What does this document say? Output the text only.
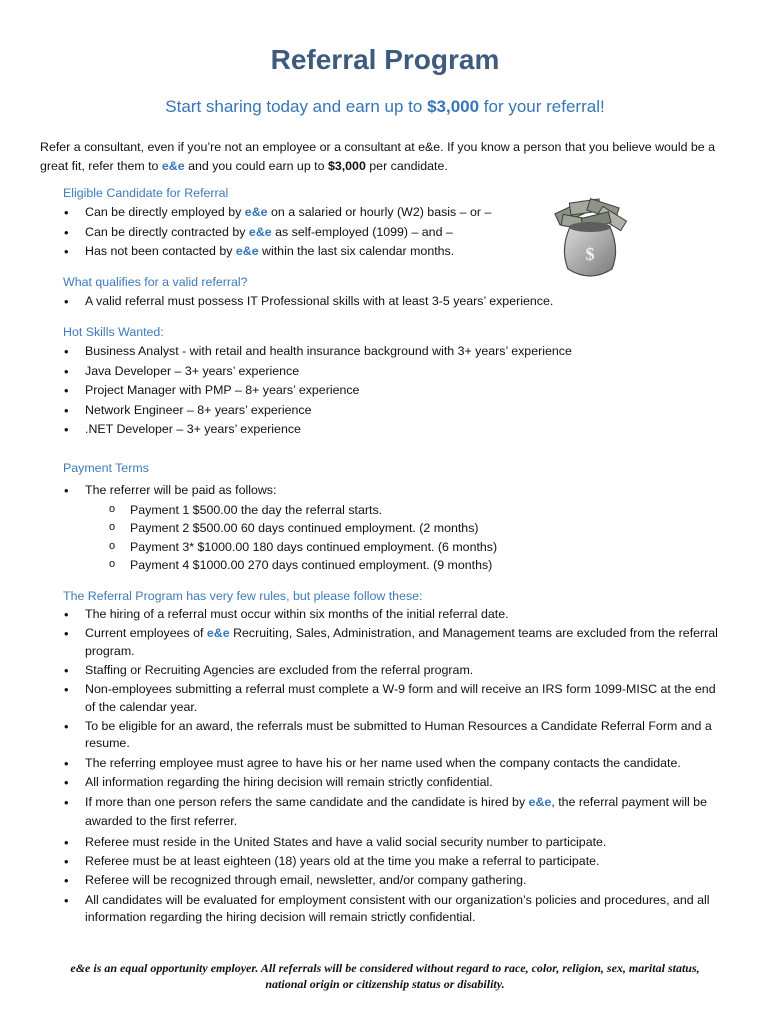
Referral Program
Start sharing today and earn up to $3,000 for your referral!
Refer a consultant, even if you’re not an employee or a consultant at e&e. If you know a person that you believe would be a great fit, refer them to e&e and you could earn up to $3,000 per candidate.
$
Eligible Candidate for Referral
• Can be directly employed by e&e on a salaried or hourly (W2) basis – or –
• Can be directly contracted by e&e as self-employed (1099) – and –
• Has not been contacted by e&e within the last six calendar months.
What qualifies for a valid referral?
• A valid referral must possess IT Professional skills with at least 3-5 years’ experience.
Hot Skills Wanted:
• Business Analyst - with retail and health insurance background with 3+ years’ experience
• Java Developer – 3+ years’ experience
• Project Manager with PMP – 8+ years’ experience
• Network Engineer – 8+ years’ experience
• .NET Developer – 3+ years’ experience
Payment Terms
• The referrer will be paid as follows:
o Payment 1 $500.00 the day the referral starts.
o Payment 2 $500.00 60 days continued employment. (2 months)
o Payment 3* $1000.00 180 days continued employment. (6 months)
o Payment 4 $1000.00 270 days continued employment. (9 months)
The Referral Program has very few rules, but please follow these:
• The hiring of a referral must occur within six months of the initial referral date.
• Current employees of e&e Recruiting, Sales, Administration, and Management teams are excluded from the referral program.
• Staffing or Recruiting Agencies are excluded from the referral program.
• Non-employees submitting a referral must complete a W-9 form and will receive an IRS form 1099-MISC at the end of the calendar year.
• To be eligible for an award, the referrals must be submitted to Human Resources a Candidate Referral Form and a resume.
• The referring employee must agree to have his or her name used when the company contacts the candidate.
• All information regarding the hiring decision will remain strictly confidential.
• If more than one person refers the same candidate and the candidate is hired by e&e, the referral payment will be awarded to the first referrer.
• Referee must reside in the United States and have a valid social security number to participate.
• Referee must be at least eighteen (18) years old at the time you make a referral to participate.
• Referee will be recognized through email, newsletter, and/or company gathering.
• All candidates will be evaluated for employment consistent with our organization’s policies and procedures, and all information regarding the hiring decision will remain strictly confidential.
e&e is an equal opportunity employer. All referrals will be considered without regard to race, color, religion, sex, marital status,
national origin or citizenship status or disability.
